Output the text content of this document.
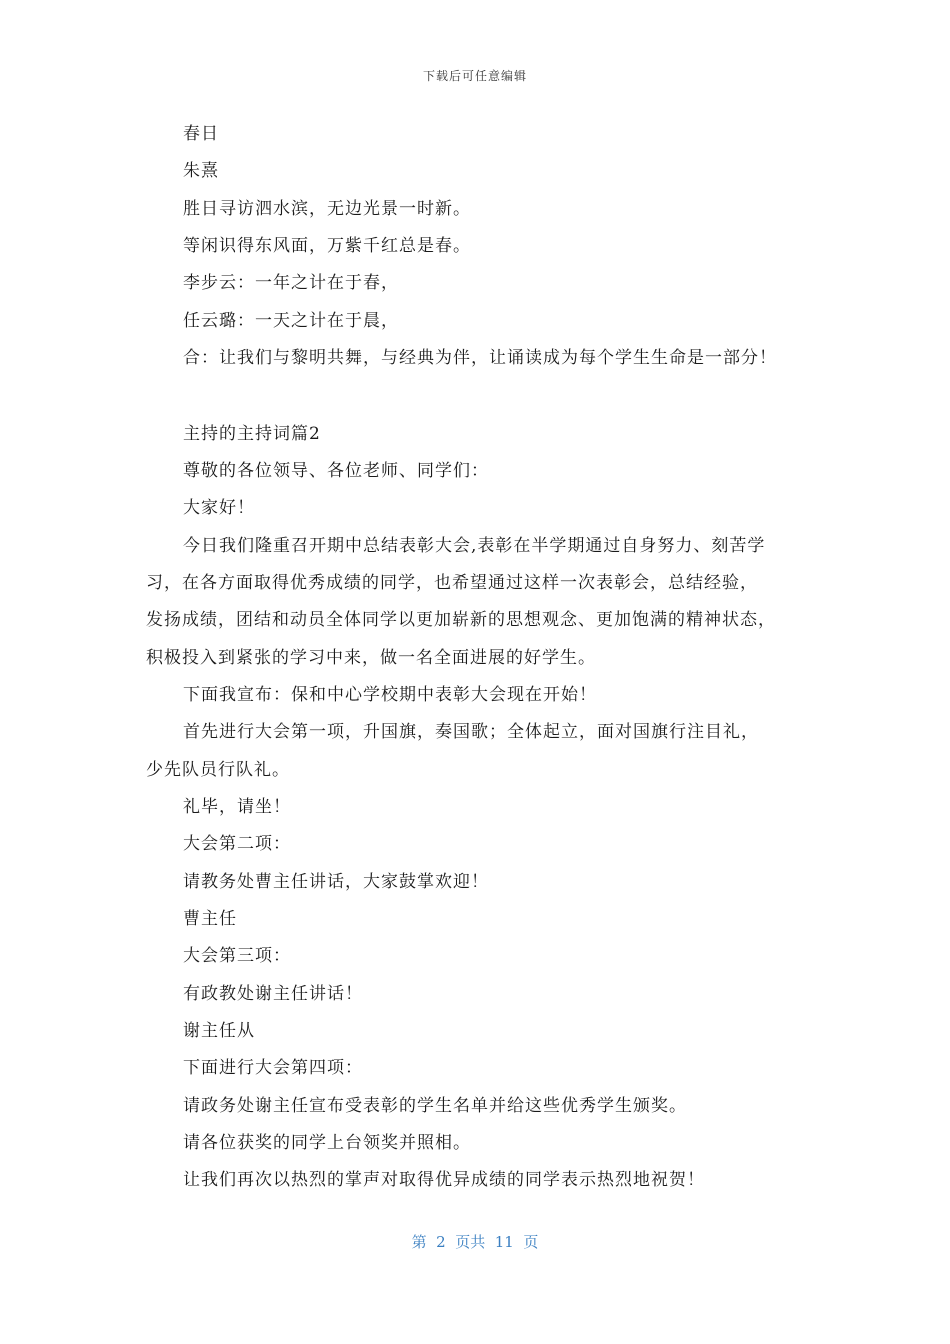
下载后可任意编辑
春日
朱熹
胜日寻访泗水滨，无边光景一时新。
等闲识得东风面，万紫千红总是春。
李步云：一年之计在于春，
任云璐：一天之计在于晨，
合：让我们与黎明共舞，与经典为伴，让诵读成为每个学生生命是一部分！
主持的主持词篇2
尊敬的各位领导、各位老师、同学们：
大家好！
今日我们隆重召开期中总结表彰大会,表彰在半学期通过自身努力、刻苦学
习，在各方面取得优秀成绩的同学，也希望通过这样一次表彰会，总结经验，
发扬成绩，团结和动员全体同学以更加崭新的思想观念、更加饱满的精神状态，
积极投入到紧张的学习中来，做一名全面进展的好学生。
下面我宣布：保和中心学校期中表彰大会现在开始！
首先进行大会第一项，升国旗，奏国歌；全体起立，面对国旗行注目礼，
少先队员行队礼。
礼毕，请坐！
大会第二项：
请教务处曹主任讲话，大家鼓掌欢迎！
曹主任
大会第三项：
有政教处谢主任讲话！
谢主任从
下面进行大会第四项：
请政务处谢主任宣布受表彰的学生名单并给这些优秀学生颁奖。
请各位获奖的同学上台领奖并照相。
让我们再次以热烈的掌声对取得优异成绩的同学表示热烈地祝贺！
第  2  页共  11  页
